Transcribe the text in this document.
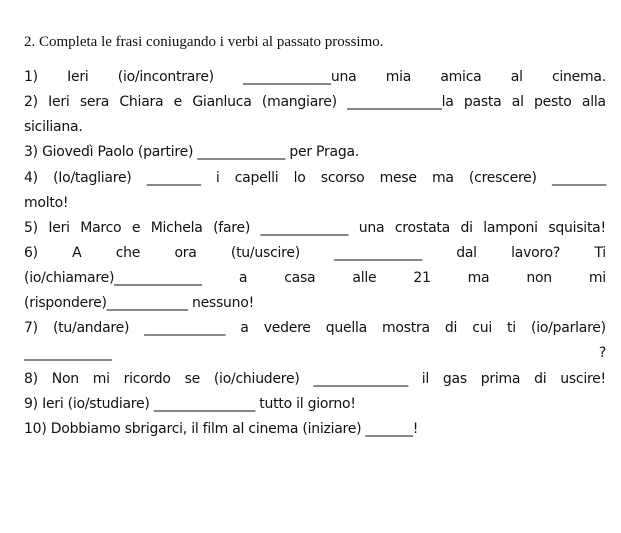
2. Completa le frasi coniugando i verbi al passato prossimo.
1) Ieri (io/incontrare) _____________una mia amica al cinema.
2) Ieri sera Chiara e Gianluca (mangiare) ______________la pasta al pesto alla
siciliana.
3) Giovedì Paolo (partire) _____________ per Praga.
4) (Io/tagliare) ________ i capelli lo scorso mese ma (crescere) ________
molto!
5) Ieri Marco e Michela (fare) _____________ una crostata di lamponi squisita!
6) A che ora (tu/uscire) _____________ dal lavoro? Ti
(io/chiamare)_____________	a	casa	alle	21	ma	non	mi
(rispondere)____________ nessuno!
7) (tu/andare) ____________ a vedere quella mostra di cui ti (io/parlare)
_____________	?
8) Non mi ricordo se (io/chiudere) ______________ il gas prima di uscire!
9) Ieri (io/studiare) _______________ tutto il giorno!
10) Dobbiamo sbrigarci, il film al cinema (iniziare) _______!
